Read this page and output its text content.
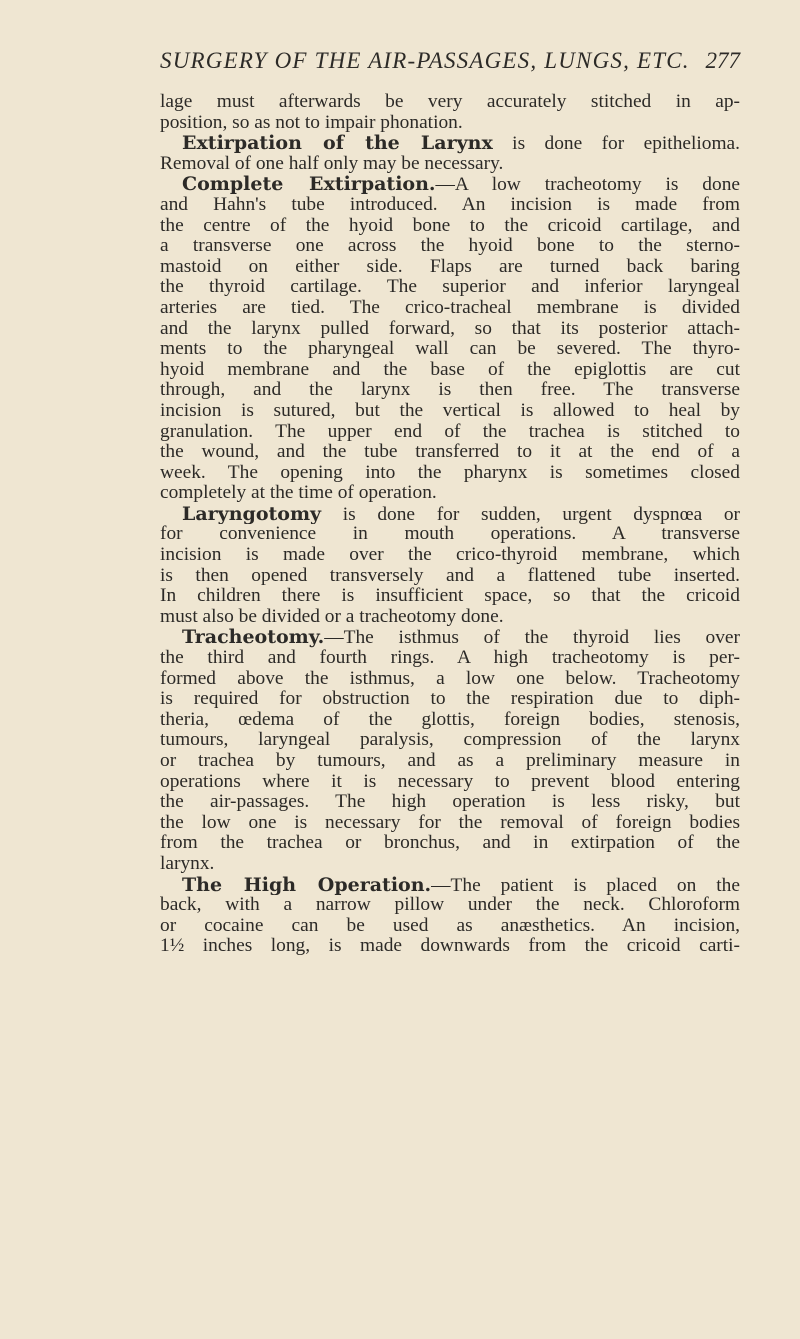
SURGERY OF THE AIR-PASSAGES, LUNGS, ETC. 277
lage must afterwards be very accurately stitched in ap-
position, so as not to impair phonation.
Extirpation of the Larynx is done for epithelioma.
Removal of one half only may be necessary.
Complete Extirpation.—A low tracheotomy is done
and Hahn's tube introduced. An incision is made from
the centre of the hyoid bone to the cricoid cartilage, and
a transverse one across the hyoid bone to the sterno-
mastoid on either side. Flaps are turned back baring
the thyroid cartilage. The superior and inferior laryngeal
arteries are tied. The crico-tracheal membrane is divided
and the larynx pulled forward, so that its posterior attach-
ments to the pharyngeal wall can be severed. The thyro-
hyoid membrane and the base of the epiglottis are cut
through, and the larynx is then free. The transverse
incision is sutured, but the vertical is allowed to heal by
granulation. The upper end of the trachea is stitched to
the wound, and the tube transferred to it at the end of a
week. The opening into the pharynx is sometimes closed
completely at the time of operation.
Laryngotomy is done for sudden, urgent dyspnœa or
for convenience in mouth operations. A transverse
incision is made over the crico-thyroid membrane, which
is then opened transversely and a flattened tube inserted.
In children there is insufficient space, so that the cricoid
must also be divided or a tracheotomy done.
Tracheotomy.—The isthmus of the thyroid lies over
the third and fourth rings. A high tracheotomy is per-
formed above the isthmus, a low one below. Tracheotomy
is required for obstruction to the respiration due to diph-
theria, œdema of the glottis, foreign bodies, stenosis,
tumours, laryngeal paralysis, compression of the larynx
or trachea by tumours, and as a preliminary measure in
operations where it is necessary to prevent blood entering
the air-passages. The high operation is less risky, but
the low one is necessary for the removal of foreign bodies
from the trachea or bronchus, and in extirpation of the
larynx.
The High Operation.—The patient is placed on the
back, with a narrow pillow under the neck. Chloroform
or cocaine can be used as anæsthetics. An incision,
1½ inches long, is made downwards from the cricoid carti-
